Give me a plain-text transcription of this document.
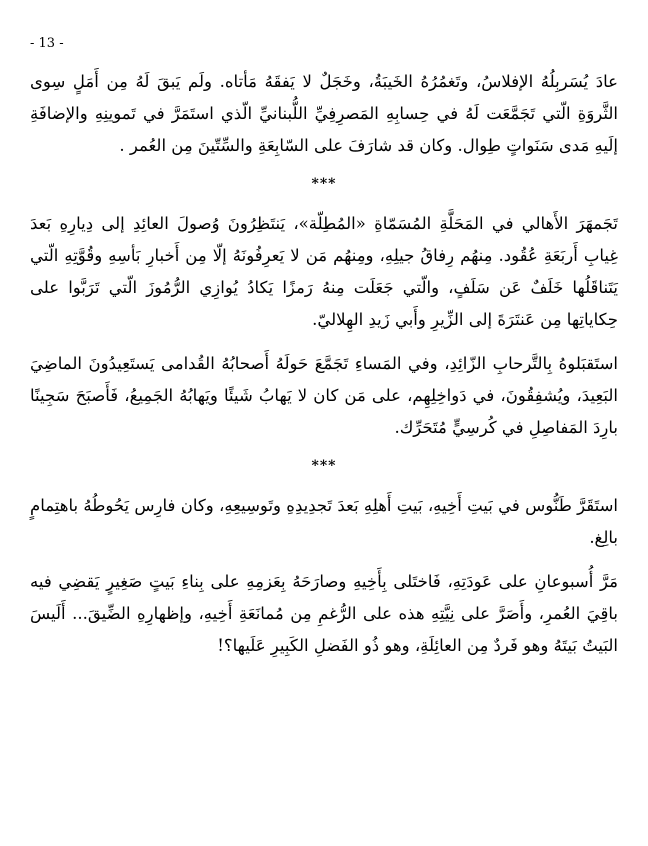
- 13 -

عادَ يُسَربِلُهُ الإفلاسُ، وتَغمُرُهُ الخَيبَةُ، وخَجَلٌ لا يَفقَهُ مَأتاه. ولَم يَبقَ لَهُ مِن أَمَلٍ سِوى الثَّروَةِ الّتي تَجَمَّعَت لَهُ في حِسابِهِ المَصرِفِيِّ اللُّبنانيِّ الّذي استَمَرَّ في تَموينِهِ والإضافَةِ إلَيهِ مَدى سَنَواتٍ طِوال. وكان قد شارَفَ على السّابِعَةِ والسِّتّينَ مِن العُمر .

***

تَجَمهَرَ الأَهالي في المَحَلَّةِ المُسَمّاةِ «المُطِلّة»، يَنتَظِرُونَ وُصولَ العائِدِ إلى دِيارِهِ بَعدَ غِيابِ أَربَعَةِ عُقُود. مِنهُم رِفاقُ جيلِهِ، ومِنهُم مَن لا يَعرِفُونَهُ إلّا مِن أَخبارِ بَأسِهِ وقُوَّتِهِ الّتي يَتَناقَلُها خَلَفٌ عَن سَلَفٍ، والّتي جَعَلَت مِنهُ رَمزًا يَكادُ يُوازِي الرُّمُوزَ الّتي تَرَبَّوا على حِكاياتِها مِن عَنتَرَةَ إلى الزِّيرِ وأَبي زَيدِ الهِلاليّ.

استَقبَلوهُ بِالتَّرحابِ الزّائِدِ، وفي المَساءِ تَجَمَّعَ حَولَهُ أَصحابُهُ القُدامى يَستَعِيدُونَ الماضِيَ البَعِيدَ، ويُشفِقُونَ، في دَواخِلِهِم، على مَن كان لا يَهابُ شَيئًا ويَهابُهُ الجَمِيعُ، فَأَصبَحَ سَجِينًا بارِدَ المَفاصِلِ في كُرسِيٍّ مُتَحَرِّك.

***

استَقَرَّ طَنُّوس في بَيتِ أَخِيهِ، بَيتِ أَهلِهِ بَعدَ تَجدِيدِهِ وتَوسِيعِهِ، وكان فارِس يَحُوطُهُ باهتِمامٍ بالِغ.

مَرَّ أُسبوعانِ على عَودَتِهِ، فَاختَلى بِأَخِيهِ وصارَحَهُ بِعَزمِهِ على بِناءِ بَيتٍ صَغِيرٍ يَقضِي فيه باقِيَ العُمرِ، وأَصَرَّ على نِيَّتِهِ هذه على الرُّغمِ مِن مُمانَعَةِ أَخِيهِ، وإظهارِهِ الضِّيقَ... أَلَيسَ البَيتُ بَيتَهُ وهو فَردٌ مِن العائِلَةِ، وهو ذُو الفَضلِ الكَبِيرِ عَلَيها؟!
